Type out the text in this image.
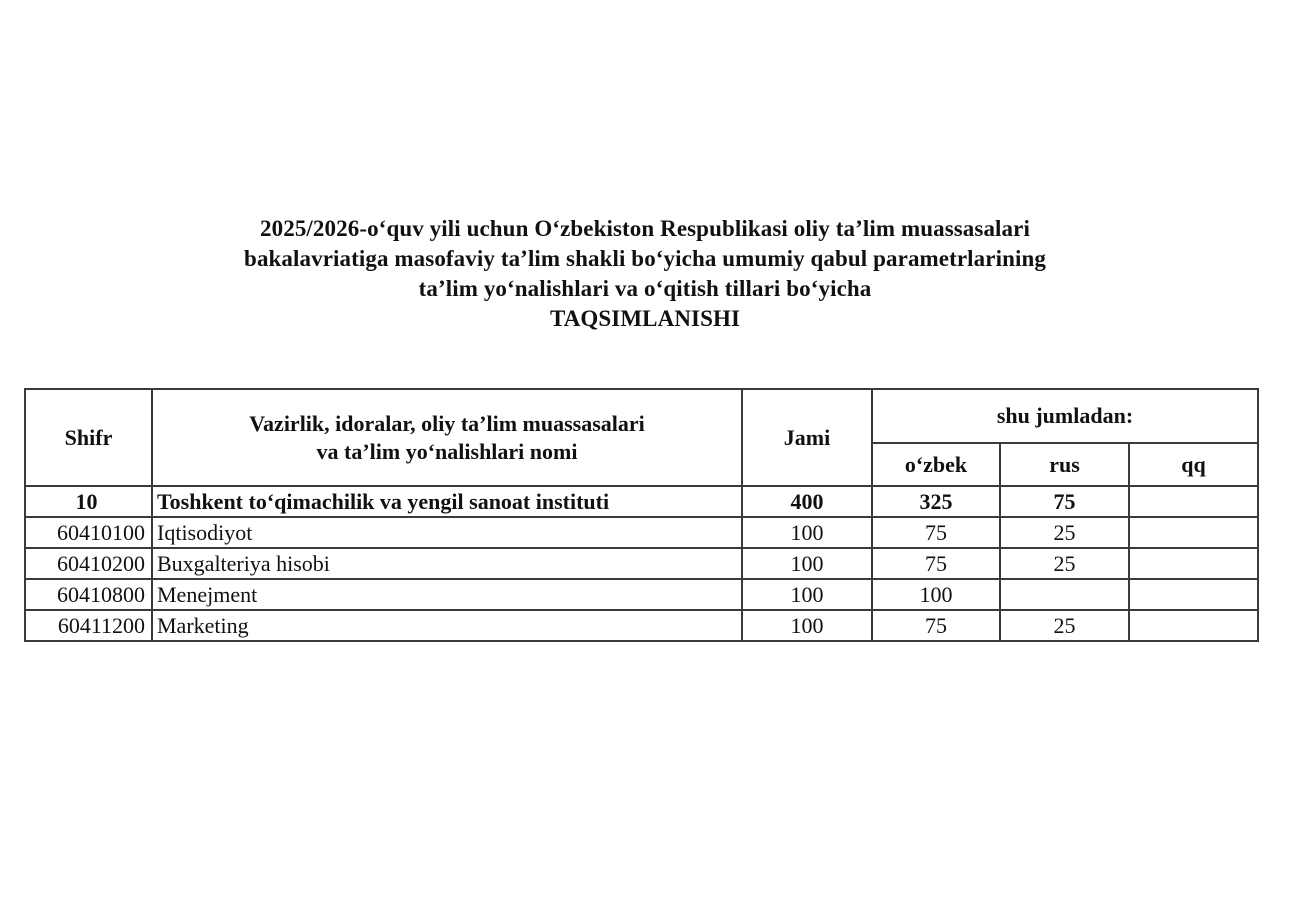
2025/2026-o‘quv yili uchun O‘zbekiston Respublikasi oliy ta’lim muassasalari
bakalavriatiga masofaviy ta’lim shakli bo‘yicha umumiy qabul parametrlarining
ta’lim yo‘nalishlari va o‘qitish tillari bo‘yicha
TAQSIMLANISHI
Shifr	Vazirlik, idoralar, oliy ta’lim muassasalari
va ta’lim yo‘nalishlari nomi	Jami	shu jumladan:		
			o‘zbek	rus	qq
10	Toshkent to‘qimachilik va yengil sanoat instituti	400	325	75	
60410100	Iqtisodiyot	100	75	25	
60410200	Buxgalteriya hisobi	100	75	25	
60410800	Menejment	100	100		
60411200	Marketing	100	75	25	
